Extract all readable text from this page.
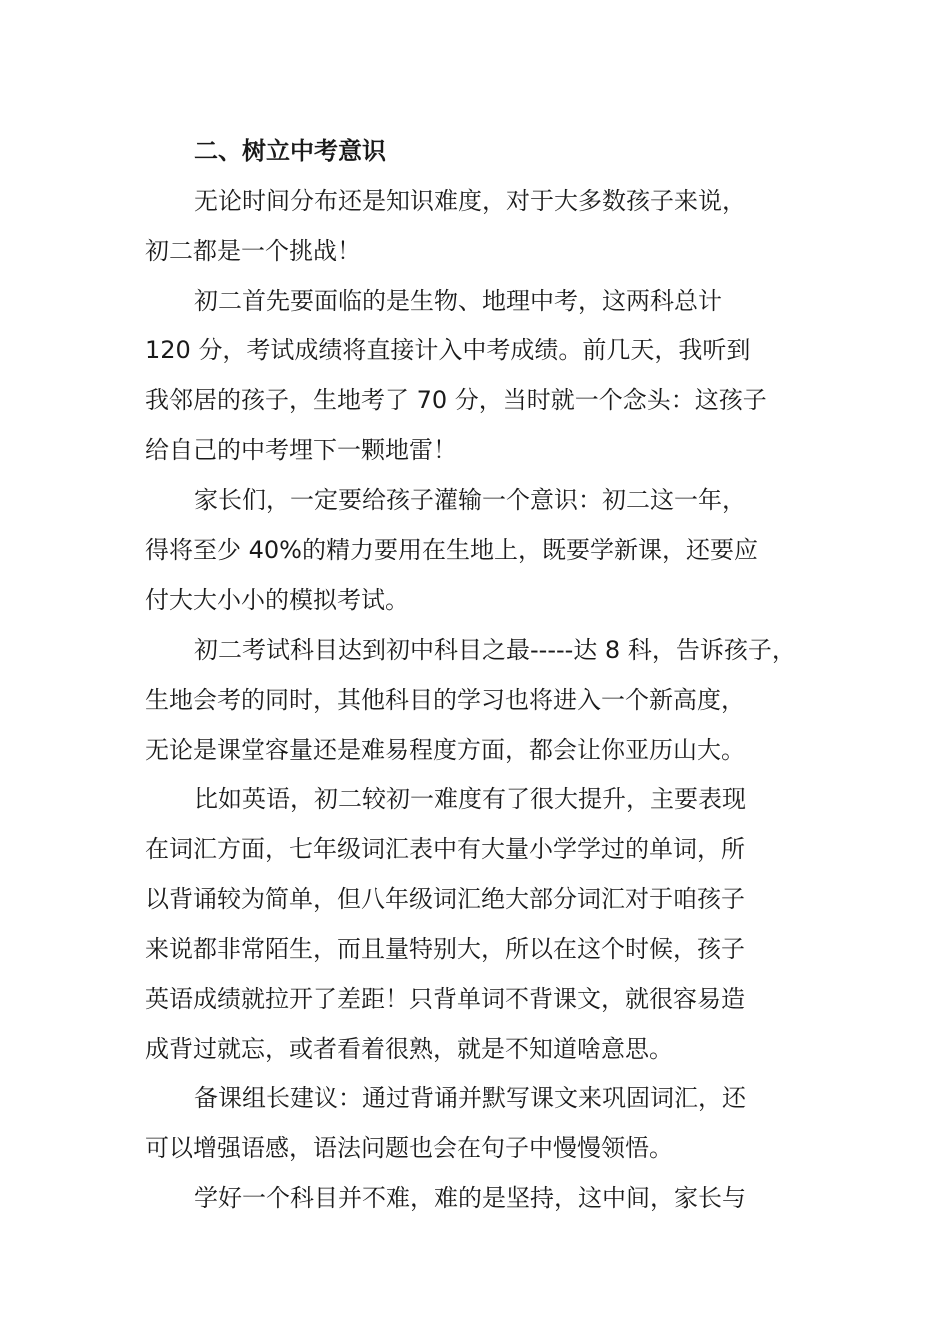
二、树立中考意识
无论时间分布还是知识难度，对于大多数孩子来说，
初二都是一个挑战！
初二首先要面临的是生物、地理中考，这两科总计
120 分，考试成绩将直接计入中考成绩。前几天，我听到
我邻居的孩子，生地考了 70 分，当时就一个念头：这孩子
给自己的中考埋下一颗地雷！
家长们，一定要给孩子灌输一个意识：初二这一年，
得将至少 40%的精力要用在生地上，既要学新课，还要应
付大大小小的模拟考试。
初二考试科目达到初中科目之最-----达 8 科，告诉孩子，
生地会考的同时，其他科目的学习也将进入一个新高度，
无论是课堂容量还是难易程度方面，都会让你亚历山大。
比如英语，初二较初一难度有了很大提升，主要表现
在词汇方面，七年级词汇表中有大量小学学过的单词，所
以背诵较为简单，但八年级词汇绝大部分词汇对于咱孩子
来说都非常陌生，而且量特别大，所以在这个时候，孩子
英语成绩就拉开了差距！只背单词不背课文，就很容易造
成背过就忘，或者看着很熟，就是不知道啥意思。
备课组长建议：通过背诵并默写课文来巩固词汇，还
可以增强语感，语法问题也会在句子中慢慢领悟。
学好一个科目并不难，难的是坚持，这中间，家长与
